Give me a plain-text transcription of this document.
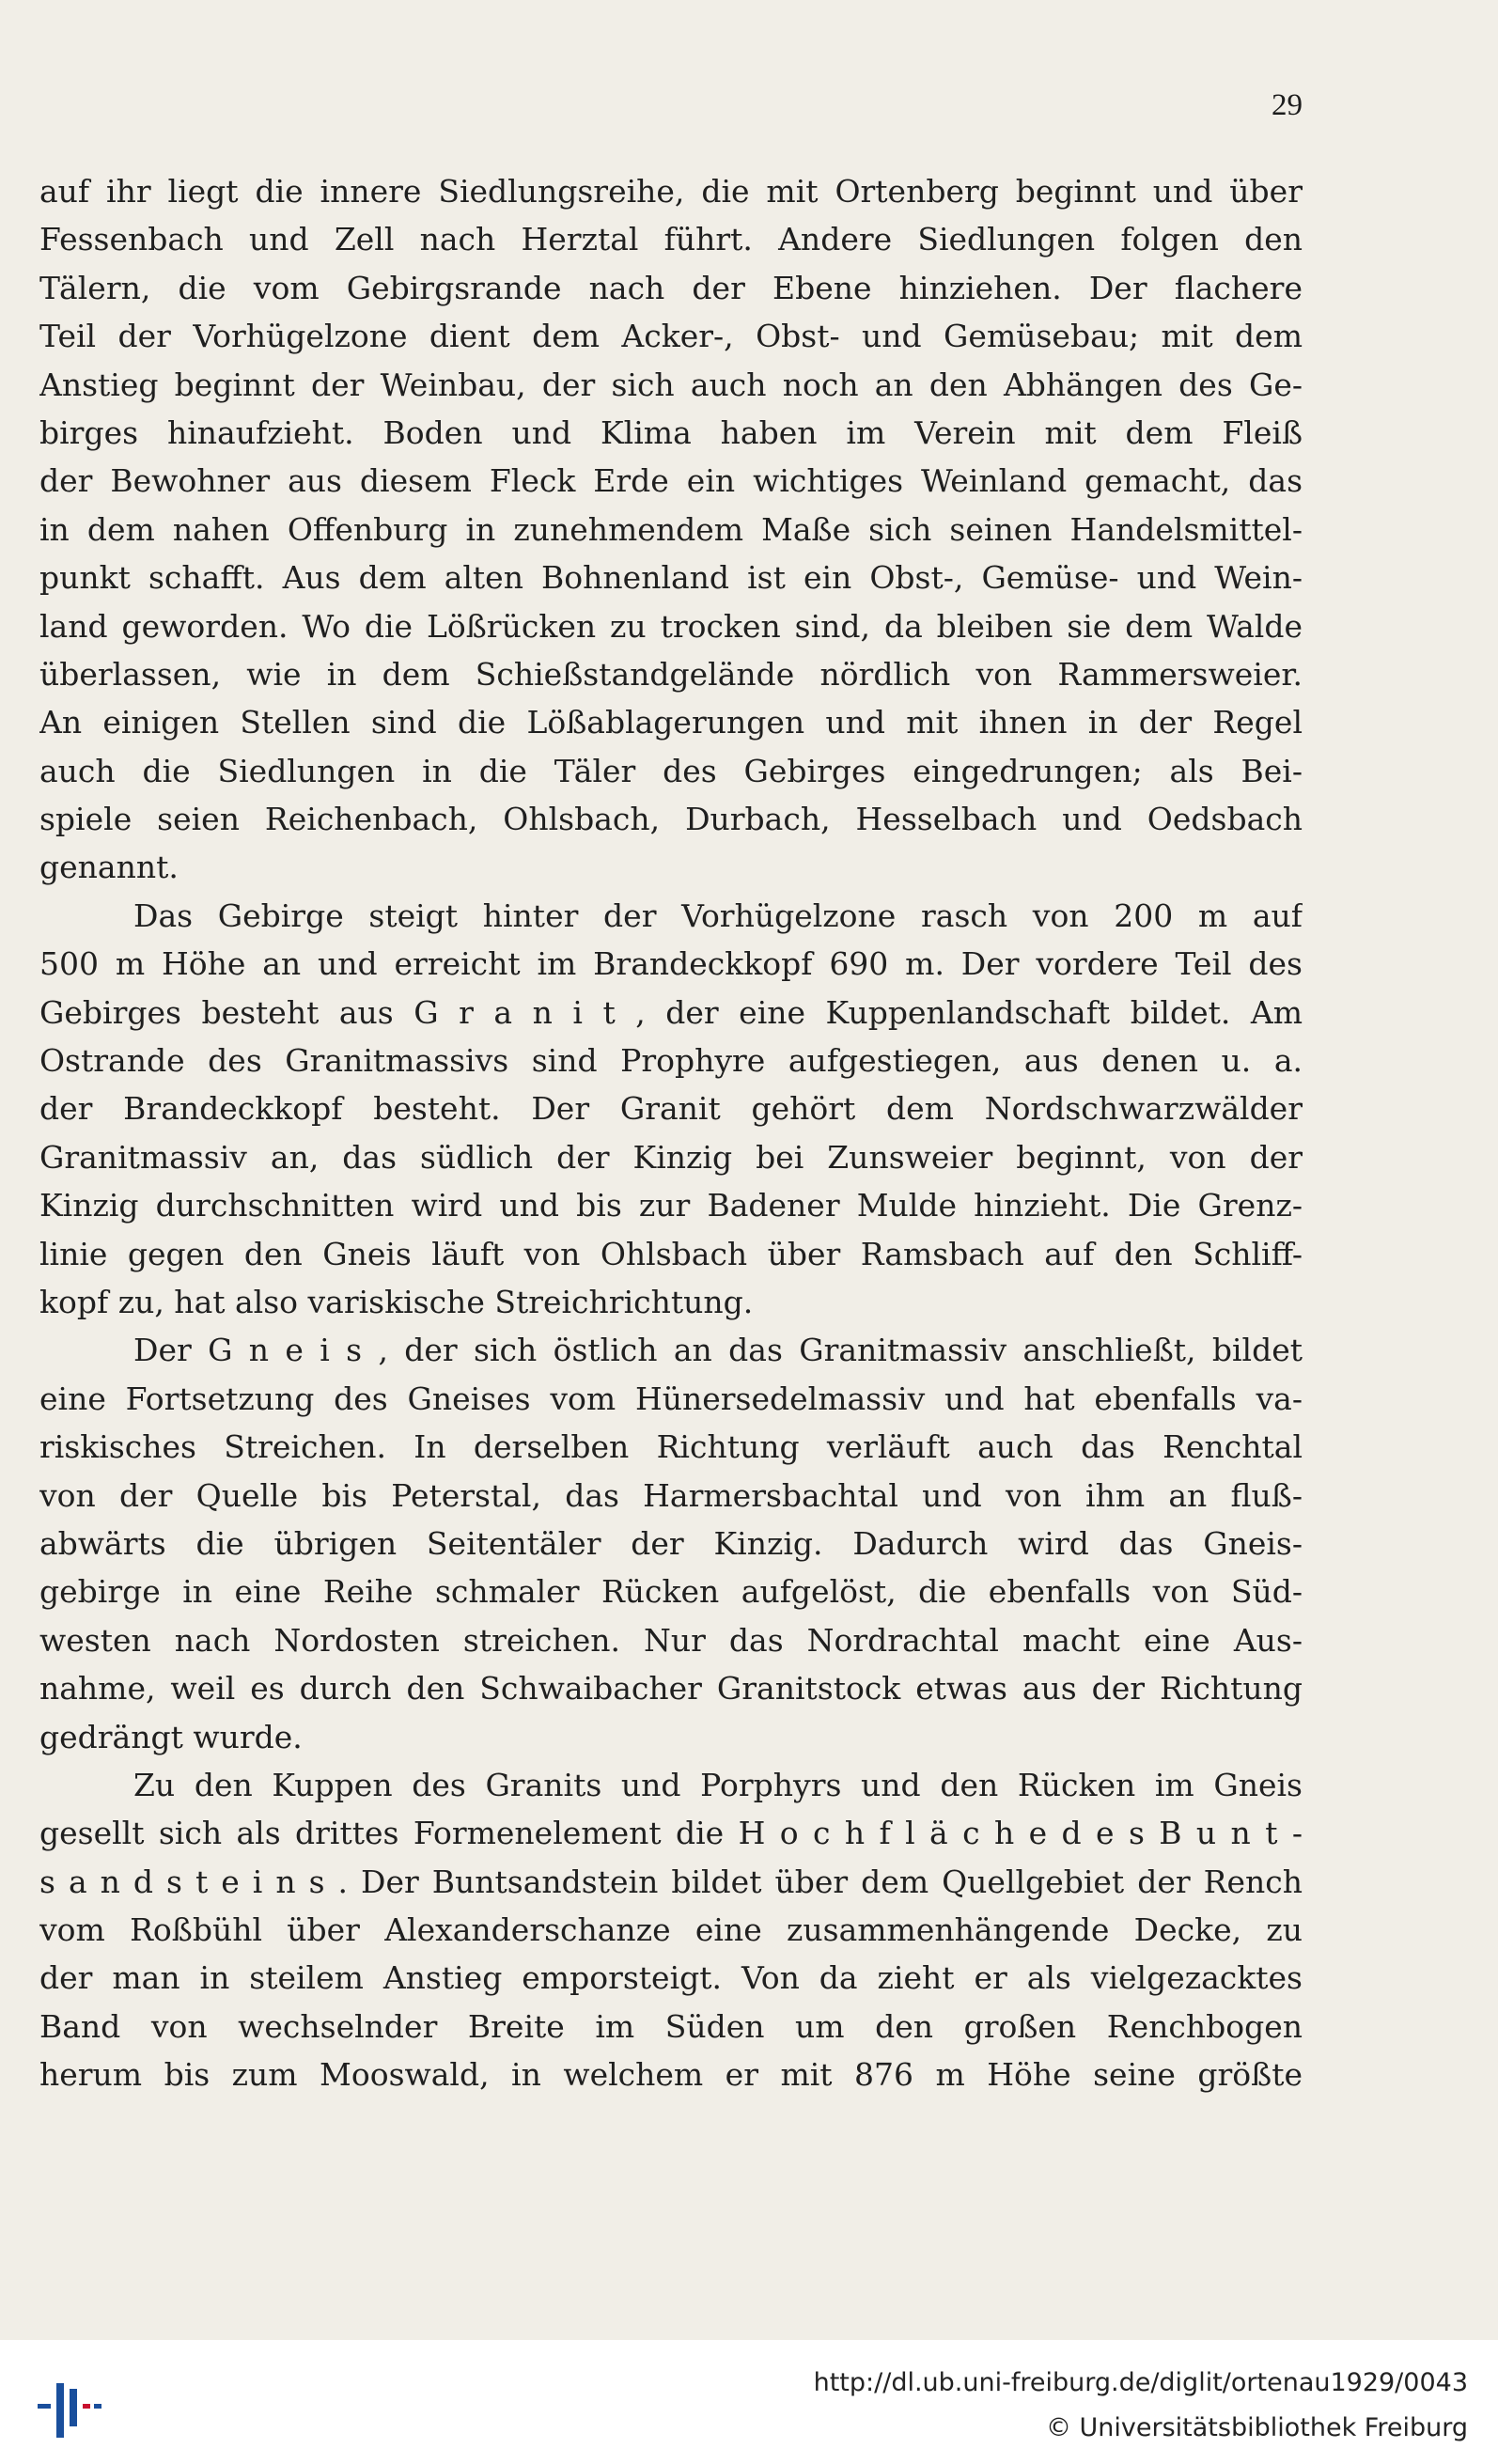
29
auf ihr liegt die innere Siedlungsreihe, die mit Ortenberg beginnt und über
Fessenbach und Zell nach Herztal führt. Andere Siedlungen folgen den
Tälern, die vom Gebirgsrande nach der Ebene hinziehen. Der flachere
Teil der Vorhügelzone dient dem Acker-, Obst- und Gemüsebau; mit dem
Anstieg beginnt der Weinbau, der sich auch noch an den Abhängen des Ge-
birges hinaufzieht. Boden und Klima haben im Verein mit dem Fleiß
der Bewohner aus diesem Fleck Erde ein wichtiges Weinland gemacht, das
in dem nahen Offenburg in zunehmendem Maße sich seinen Handelsmittel-
punkt schafft. Aus dem alten Bohnenland ist ein Obst-, Gemüse- und Wein-
land geworden. Wo die Lößrücken zu trocken sind, da bleiben sie dem Walde
überlassen, wie in dem Schießstandgelände nördlich von Rammersweier.
An einigen Stellen sind die Lößablagerungen und mit ihnen in der Regel
auch die Siedlungen in die Täler des Gebirges eingedrungen; als Bei-
spiele seien Reichenbach, Ohlsbach, Durbach, Hesselbach und Oedsbach
genannt.
Das Gebirge steigt hinter der Vorhügelzone rasch von 200 m auf
500 m Höhe an und erreicht im Brandeckkopf 690 m. Der vordere Teil des
Gebirges besteht aus G r a n i t , der eine Kuppenlandschaft bildet. Am
Ostrande des Granitmassivs sind Prophyre aufgestiegen, aus denen u. a.
der Brandeckkopf besteht. Der Granit gehört dem Nordschwarzwälder
Granitmassiv an, das südlich der Kinzig bei Zunsweier beginnt, von der
Kinzig durchschnitten wird und bis zur Badener Mulde hinzieht. Die Grenz-
linie gegen den Gneis läuft von Ohlsbach über Ramsbach auf den Schliff-
kopf zu, hat also variskische Streichrichtung.
Der G n e i s , der sich östlich an das Granitmassiv anschließt, bildet
eine Fortsetzung des Gneises vom Hünersedelmassiv und hat ebenfalls va-
riskisches Streichen. In derselben Richtung verläuft auch das Renchtal
von der Quelle bis Peterstal, das Harmersbachtal und von ihm an fluß-
abwärts die übrigen Seitentäler der Kinzig. Dadurch wird das Gneis-
gebirge in eine Reihe schmaler Rücken aufgelöst, die ebenfalls von Süd-
westen nach Nordosten streichen. Nur das Nordrachtal macht eine Aus-
nahme, weil es durch den Schwaibacher Granitstock etwas aus der Richtung
gedrängt wurde.
Zu den Kuppen des Granits und Porphyrs und den Rücken im Gneis
gesellt sich als drittes Formenelement die H o c h f l ä c h e d e s B u n t -
s a n d s t e i n s . Der Buntsandstein bildet über dem Quellgebiet der Rench
vom Roßbühl über Alexanderschanze eine zusammenhängende Decke, zu
der man in steilem Anstieg emporsteigt. Von da zieht er als vielgezacktes
Band von wechselnder Breite im Süden um den großen Renchbogen
herum bis zum Mooswald, in welchem er mit 876 m Höhe seine größte
http://dl.ub.uni-freiburg.de/diglit/ortenau1929/0043
© Universitätsbibliothek Freiburg
